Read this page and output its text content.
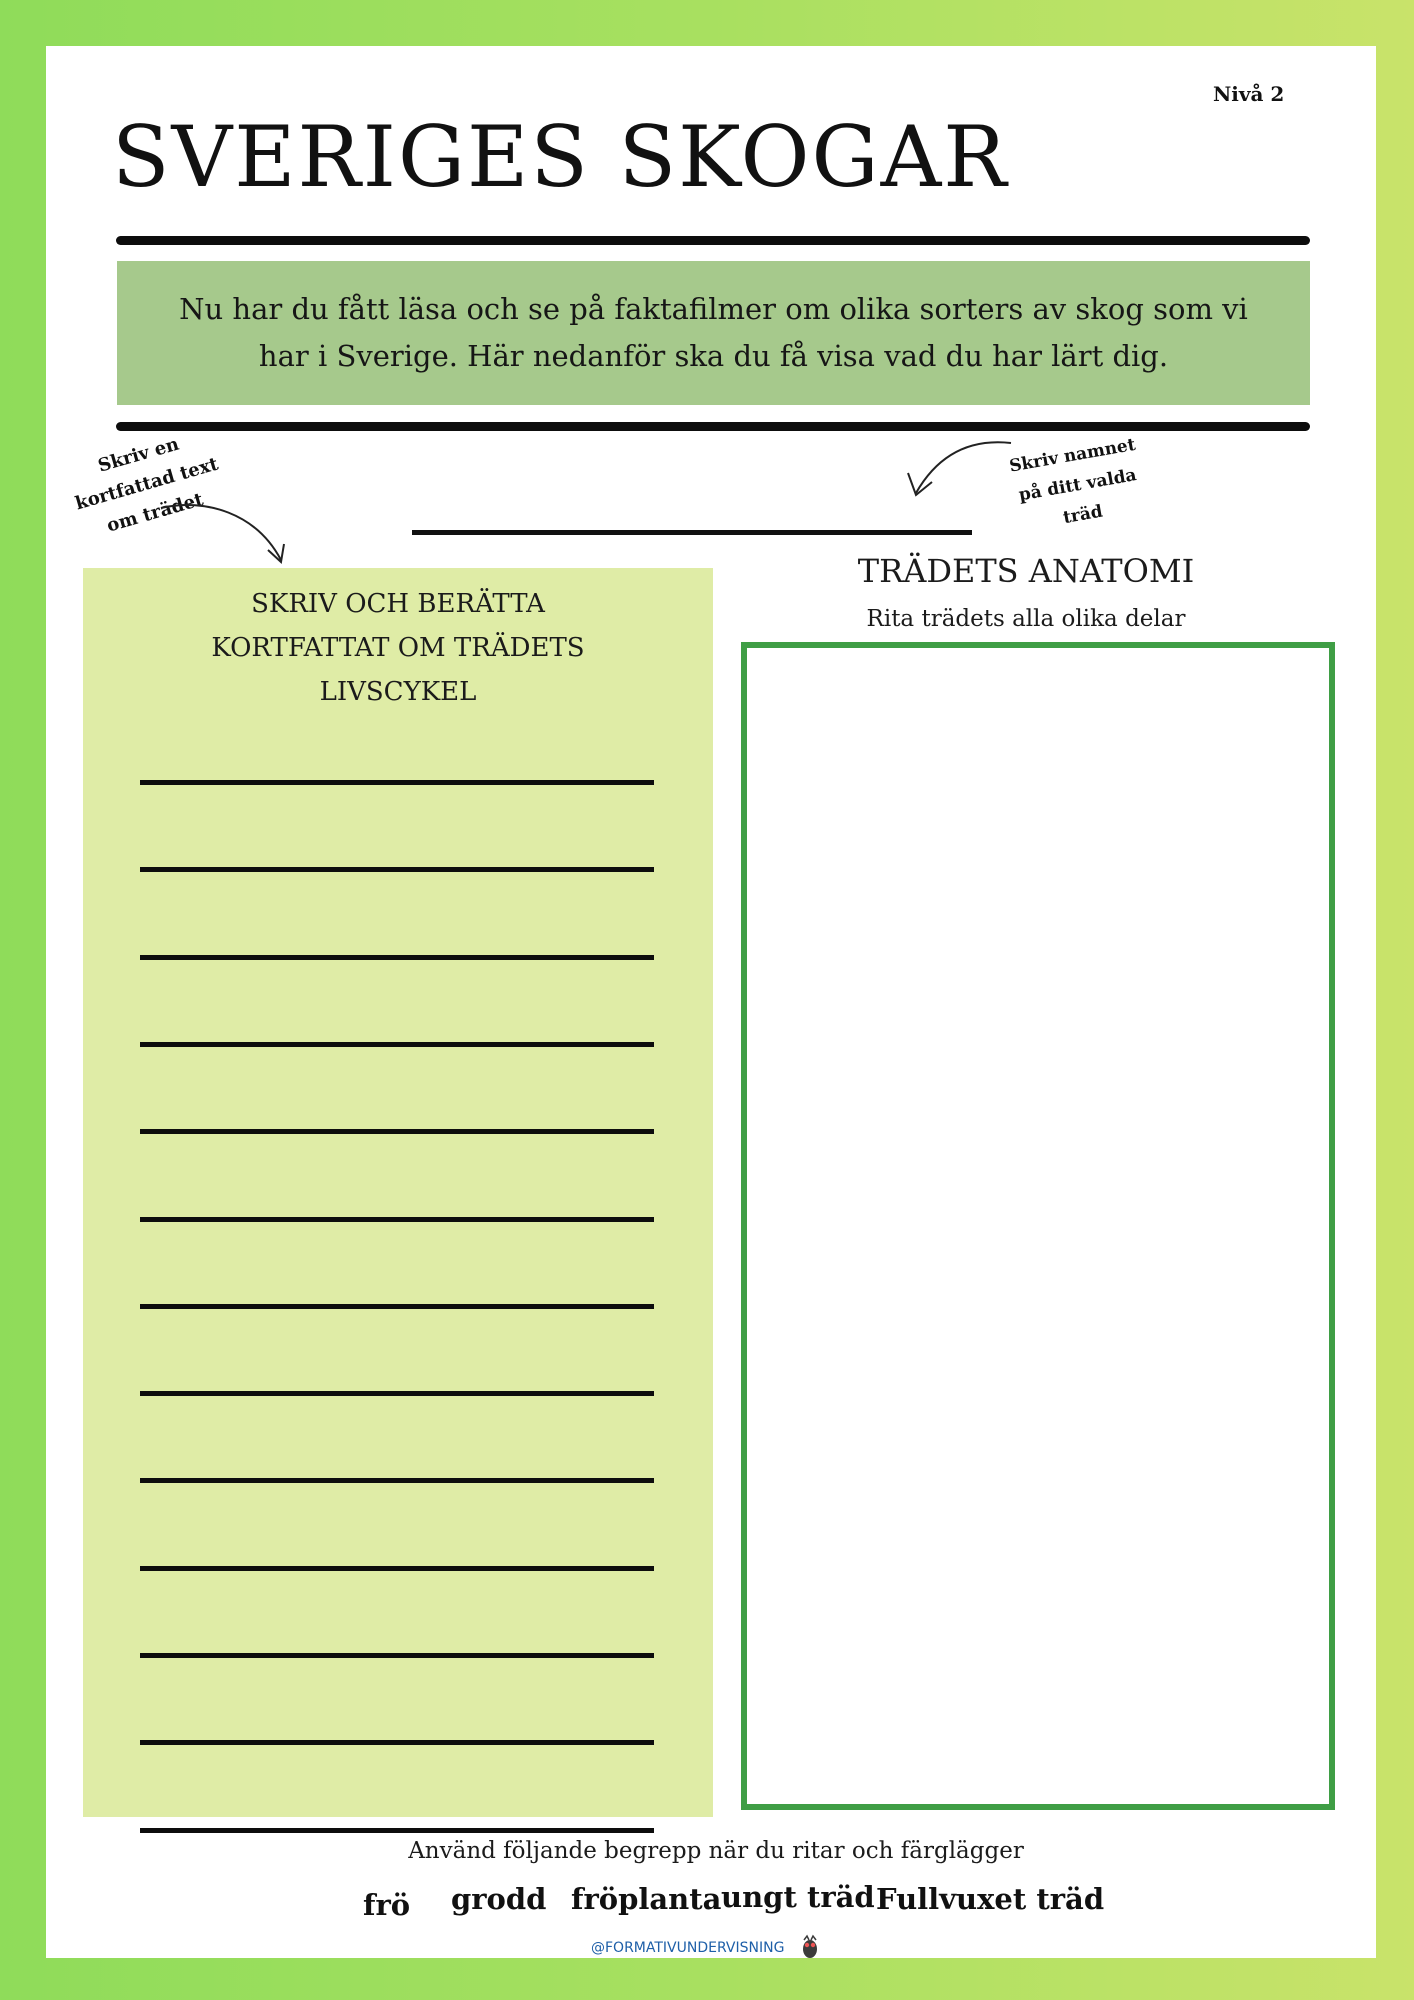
Nivå 2
SVERIGES SKOGAR
Nu har du fått läsa och se på faktafilmer om olika sorters av skog som vi har i Sverige. Här nedanför ska du få visa vad du har lärt dig.
Skriv en kortfattad text om trädet
Skriv namnet på ditt valda träd
SKRIV OCH BERÄTTA KORTFATTAT OM TRÄDETS LIVSCYKEL
TRÄDETS ANATOMI
Rita trädets alla olika delar
Använd följande begrepp när du ritar och färglägger
frö grodd fröplanta ungt träd Fullvuxet träd
@FORMATIVUNDERVISNING
